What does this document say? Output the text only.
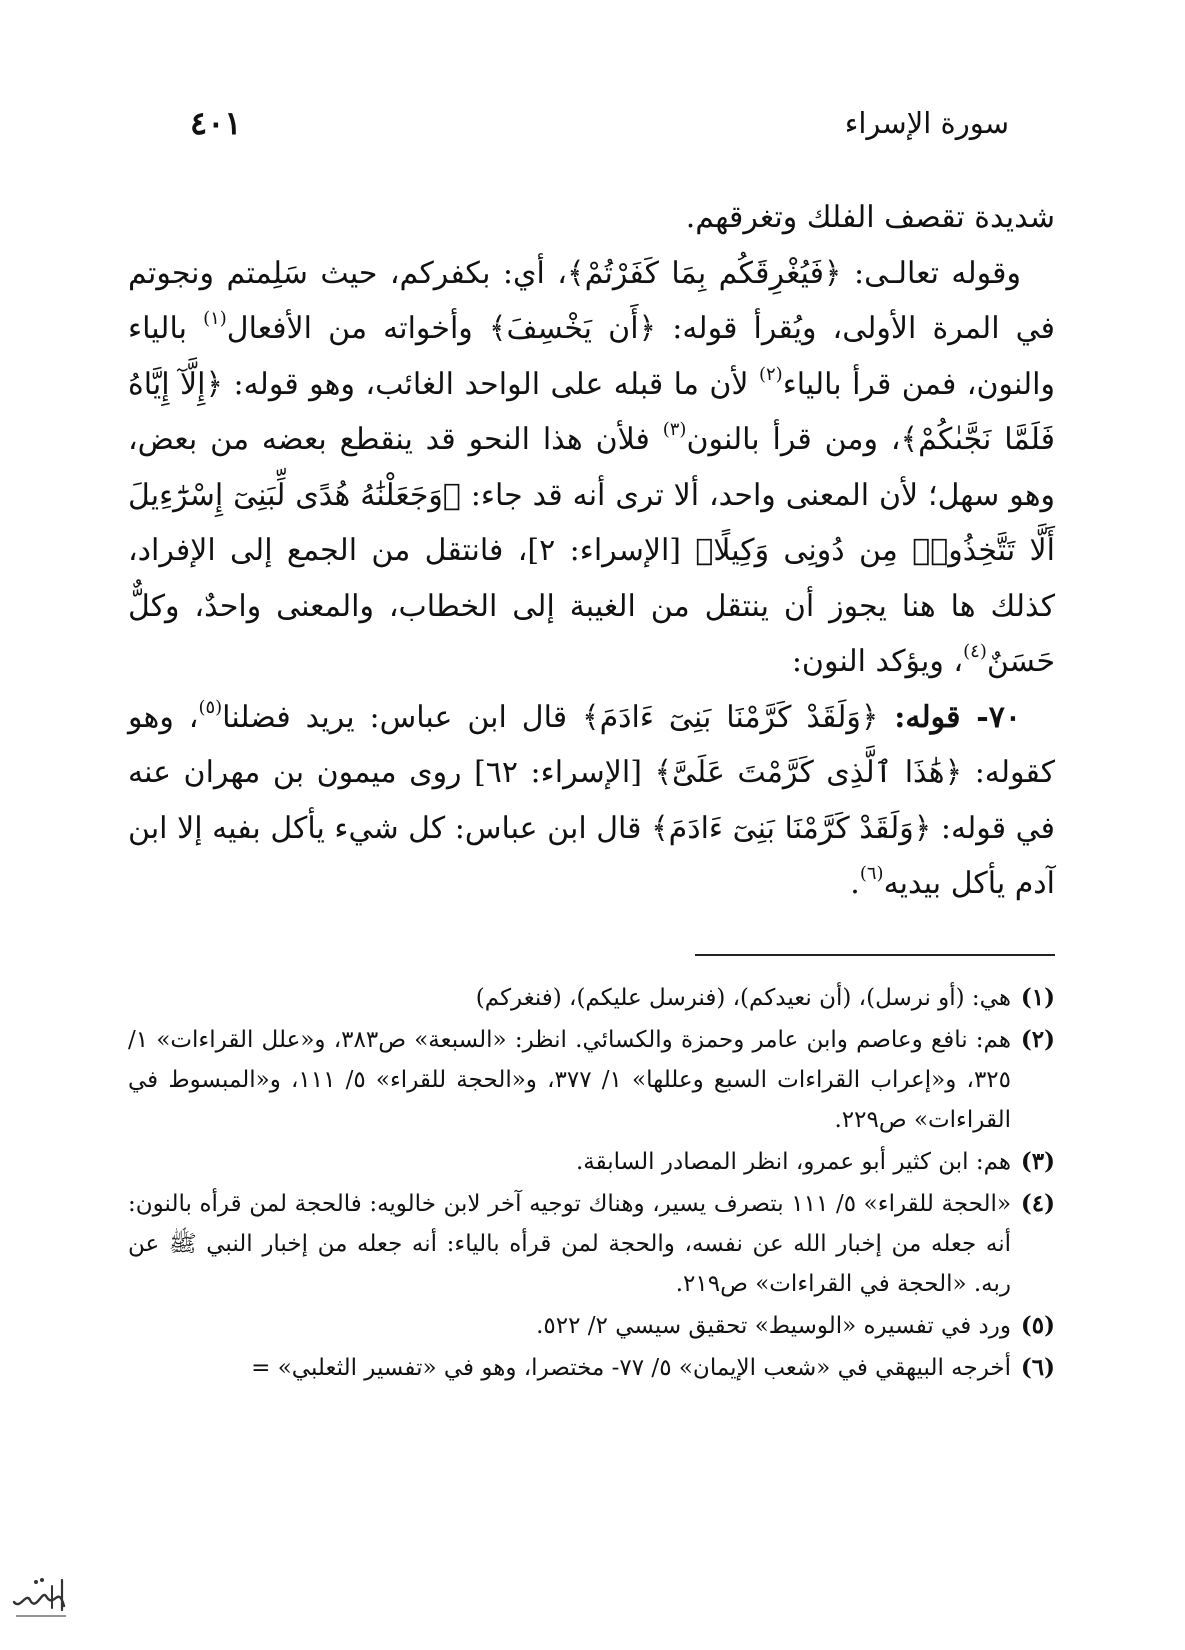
سورة الإسراء
٤٠١

شديدة تقصف الفلك وتغرقهم.

وقوله تعالـى: ﴿فَيُغْرِقَكُم بِمَا كَفَرْتُمْ﴾، أي: بكفركم، حيث سَلِمتم ونجوتم في المرة الأولى، ويُقرأ قوله: ﴿أَن يَخْسِفَ﴾ وأخواته من الأفعال$^{(١)}$ بالياء والنون، فمن قرأ بالياء$^{(٢)}$ لأن ما قبله على الواحد الغائب، وهو قوله: ﴿إِلَّآ إِيَّاهُ فَلَمَّا نَجَّىٰكُمْ﴾، ومن قرأ بالنون$^{(٣)}$ فلأن هذا النحو قد ينقطع بعضه من بعض، وهو سهل؛ لأن المعنى واحد، ألا ترى أنه قد جاء: ﴿وَجَعَلْنَٰهُ هُدًى لِّبَنِىٓ إِسْرَٰٓءِيلَ أَلَّا تَتَّخِذُوا۟ مِن دُونِى وَكِيلًا﴾ [الإسراء: ٢]، فانتقل من الجمع إلى الإفراد، كذلك ها هنا يجوز أن ينتقل من الغيبة إلى الخطاب، والمعنى واحدٌ، وكلٌّ حَسَنٌ$^{(٤)}$، ويؤكد النون:

٧٠- قوله: ﴿وَلَقَدْ كَرَّمْنَا بَنِىٓ ءَادَمَ﴾ قال ابن عباس: يريد فضلنا$^{(٥)}$، وهو كقوله: ﴿هَٰذَا ٱلَّذِى كَرَّمْتَ عَلَىَّ﴾ [الإسراء: ٦٢] روى ميمون بن مهران عنه في قوله: ﴿وَلَقَدْ كَرَّمْنَا بَنِىٓ ءَادَمَ﴾ قال ابن عباس: كل شيء يأكل بفيه إلا ابن آدم يأكل بيديه$^{(٦)}$.

(١)
هي: (أو نرسل)، (أن نعيدكم)، (فنرسل عليكم)، (فنغركم)
(٢)
هم: نافع وعاصم وابن عامر وحمزة والكسائي. انظر: «السبعة» ص٣٨٣، و«علل القراءات» ١/ ٣٢٥، و«إعراب القراءات السبع وعللها» ١/ ٣٧٧، و«الحجة للقراء» ٥/ ١١١، و«المبسوط في القراءات» ص٢٢٩.
(٣)
هم: ابن كثير أبو عمرو، انظر المصادر السابقة.
(٤)
«الحجة للقراء» ٥/ ١١١ بتصرف يسير، وهناك توجيه آخر لابن خالويه: فالحجة لمن قرأه بالنون: أنه جعله من إخبار الله عن نفسه، والحجة لمن قرأه بالياء: أنه جعله من إخبار النبي ﷺ عن ربه. «الحجة في القراءات» ص٢١٩.
(٥)
ورد في تفسيره «الوسيط» تحقيق سيسي ٢/ ٥٢٢.
(٦)
أخرجه البيهقي في «شعب الإيمان» ٥/ ٧٧- مختصرا، وهو في «تفسير الثعلبي» =
